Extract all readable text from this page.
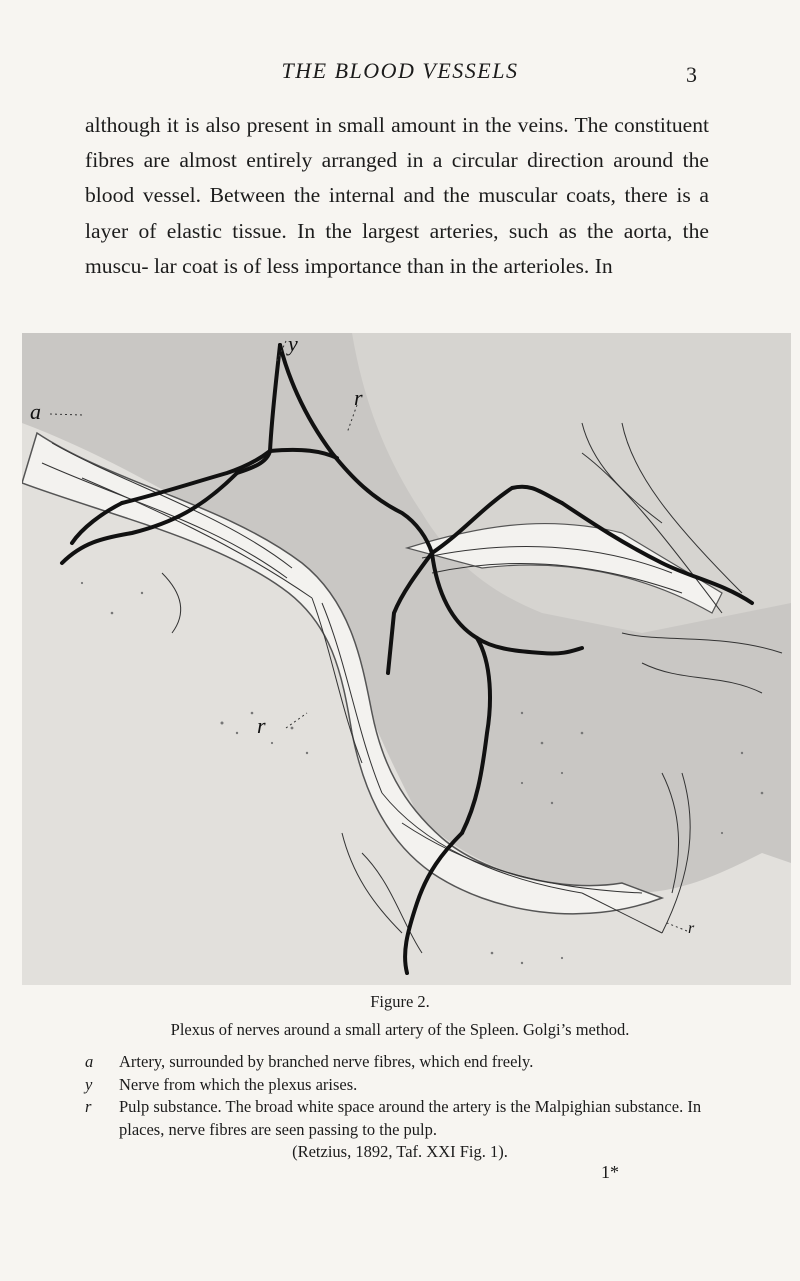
THE BLOOD VESSELS	3

although it is also present in small amount in the veins. The constituent fibres are almost entirely arranged in a circular direction around the blood vessel. Between the internal and the muscular coats, there is a layer of elastic tissue. In the largest arteries, such as the aorta, the muscu- lar coat is of less importance than in the arterioles. In

a
y
r
r
r
Figure 2.
Plexus of nerves around a small artery of the Spleen. Golgi’s method.
a	Artery, surrounded by branched nerve fibres, which end freely.
y	Nerve from which the plexus arises.
r	Pulp substance. The broad white space around the artery is the Malpighian substance. In places, nerve fibres are seen passing to the pulp.
(Retzius, 1892, Taf. XXI Fig. 1).
1*
